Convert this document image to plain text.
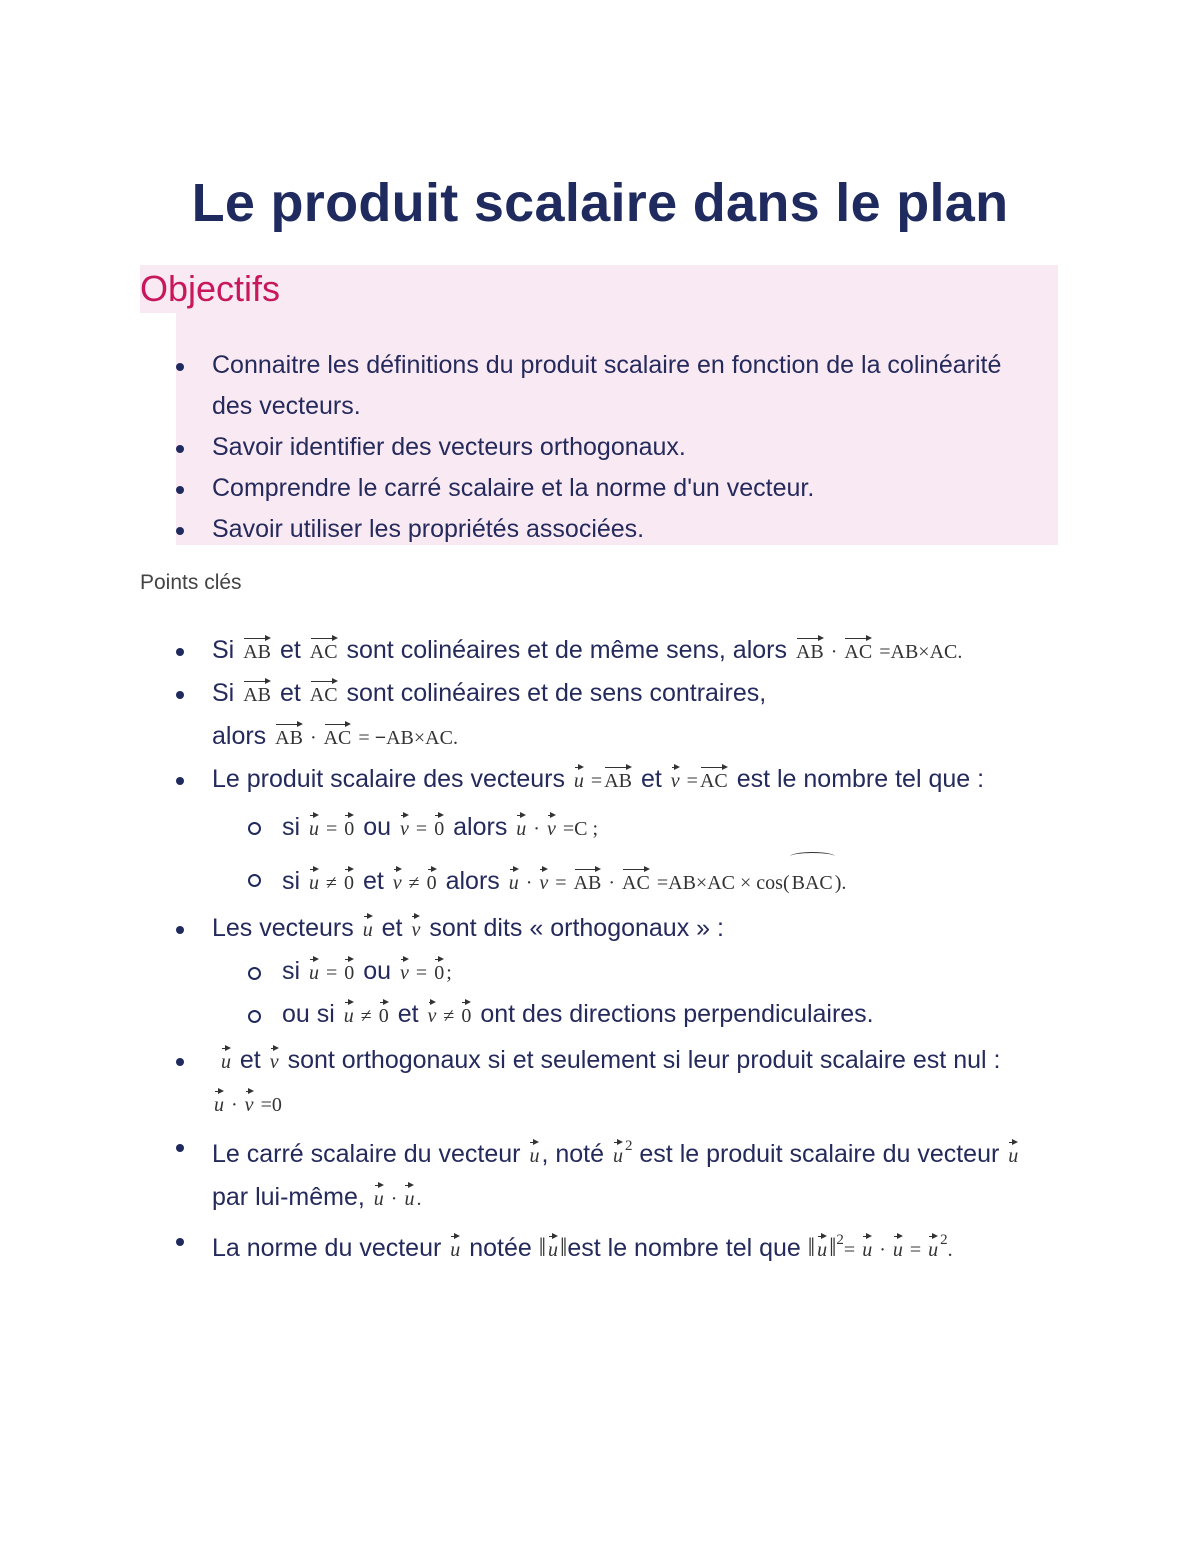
Le produit scalaire dans le plan
Objectifs
Connaitre les définitions du produit scalaire en fonction de la colinéarité des vecteurs.
Savoir identifier des vecteurs orthogonaux.
Comprendre le carré scalaire et la norme d'un vecteur.
Savoir utiliser les propriétés associées.
Points clés
Si AB et AC sont colinéaires et de même sens, alors AB · AC =AB×AC.
Si AB et AC sont colinéaires et de sens contraires,
alors AB · AC = −AB×AC.
Le produit scalaire des vecteurs u = AB et v = AC est le nombre tel que :
si u = 0 ou v = 0 alors u · v =C ;
si u ≠ 0 et v ≠ 0 alors u · v = AB · AC =AB×AC × cos( BAC ).
Les vecteurs u et v sont dits « orthogonaux » :
si u = 0 ou v = 0 ;
ou si u ≠ 0 et v ≠ 0 ont des directions perpendiculaires.
u et v sont orthogonaux si et seulement si leur produit scalaire est nul : u · v =0
Le carré scalaire du vecteur u, noté u $^2$ est le produit scalaire du vecteur u par lui-même, u · u .
La norme du vecteur u notée ‖ u‖est le nombre tel que ‖ u‖$^2$= u · u = u $^2$.
